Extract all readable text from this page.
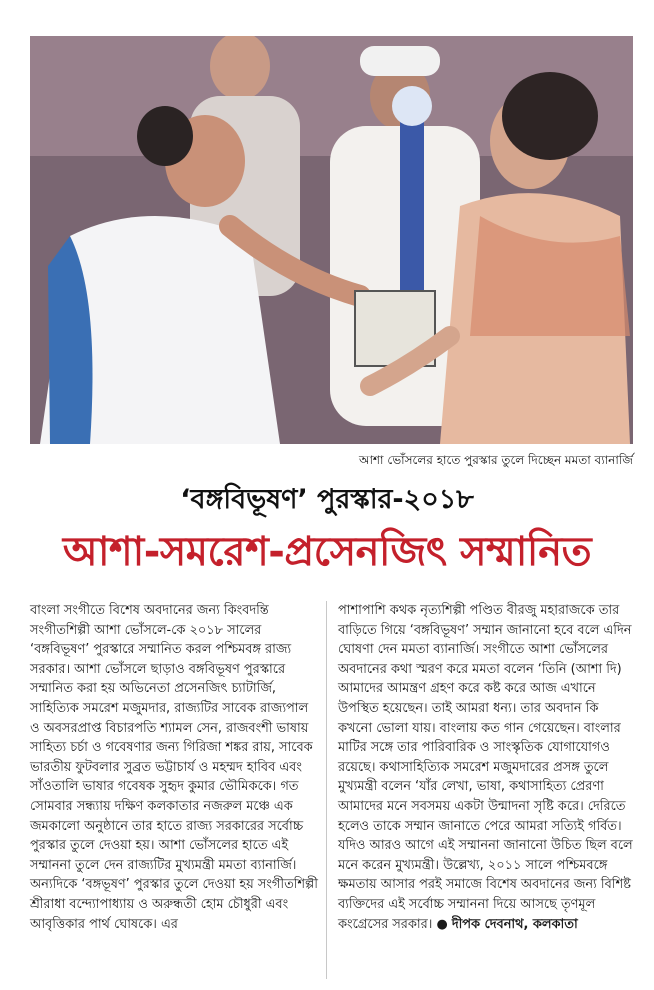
আশা ভোঁসলের হাতে পুরস্কার তুলে দিচ্ছেন মমতা ব্যানার্জি
‘বঙ্গবিভূষণ’ পুরস্কার-২০১৮
আশা-সমরেশ-প্রসেনজিৎ সম্মানিত

বাংলা সংগীতে বিশেষ অবদানের জন্য কিংবদন্তি সংগীতশিল্পী আশা ভোঁসলে-কে ২০১৮ সালের ‘বঙ্গবিভূষণ’ পুরস্কারে সম্মানিত করল পশ্চিমবঙ্গ রাজ্য সরকার। আশা ভোঁসলে ছাড়াও বঙ্গবিভূষণ পুরস্কারে সম্মানিত করা হয় অভিনেতা প্রসেনজিৎ চ্যাটার্জি, সাহিত্যিক সমরেশ মজুমদার, রাজ্যটির সাবেক রাজ্যপাল ও অবসরপ্রাপ্ত বিচারপতি শ্যামল সেন, রাজবংশী ভাষায় সাহিত্য চর্চা ও গবেষণার জন্য গিরিজা শঙ্কর রায়, সাবেক ভারতীয় ফুটবলার সুব্রত ভট্টাচার্য ও মহম্মদ হাবিব এবং সাঁওতালি ভাষার গবেষক সুহৃদ কুমার ভৌমিককে। গত সোমবার সন্ধ্যায় দক্ষিণ কলকাতার নজরুল মঞ্চে এক জমকালো অনুষ্ঠানে তার হাতে রাজ্য সরকারের সর্বোচ্চ পুরস্কার তুলে দেওয়া হয়। আশা ভোঁসলের হাতে এই সম্মাননা তুলে দেন রাজ্যটির মুখ্যমন্ত্রী মমতা ব্যানার্জি।

অন্যদিকে ‘বঙ্গভূষণ’ পুরস্কার তুলে দেওয়া হয় সংগীতশিল্পী শ্রীরাধা বন্দ্যোপাধ্যায় ও অরুন্ধতী হোম চৌধুরী এবং আবৃত্তিকার পার্থ ঘোষকে। এর

পাশাপাশি কথক নৃত্যশিল্পী পণ্ডিত বীরজু মহারাজকে তার বাড়িতে গিয়ে ‘বঙ্গবিভূষণ’ সম্মান জানানো হবে বলে এদিন ঘোষণা দেন মমতা ব্যানার্জি। সংগীতে আশা ভোঁসলের অবদানের কথা স্মরণ করে মমতা বলেন ‘তিনি (আশা দি) আমাদের আমন্ত্রণ গ্রহণ করে কষ্ট করে আজ এখানে উপস্থিত হয়েছেন। তাই আমরা ধন্য। তার অবদান কি কখনো ভোলা যায়। বাংলায় কত গান গেয়েছেন। বাংলার মাটির সঙ্গে তার পারিবারিক ও সাংস্কৃতিক যোগাযোগও রয়েছে। কথাসাহিত্যিক সমরেশ মজুমদারের প্রসঙ্গ তুলে মুখ্যমন্ত্রী বলেন ‘যাঁর লেখা, ভাষা, কথাসাহিত্য প্রেরণা আমাদের মনে সবসময় একটা উন্মাদনা সৃষ্টি করে। দেরিতে হলেও তাকে সম্মান জানাতে পেরে আমরা সত্যিই গর্বিত। যদিও আরও আগে এই সম্মাননা জানানো উচিত ছিল বলে মনে করেন মুখ্যমন্ত্রী। উল্লেখ্য, ২০১১ সালে পশ্চিমবঙ্গে ক্ষমতায় আসার পরই সমাজে বিশেষ অবদানের জন্য বিশিষ্ট ব্যক্তিদের এই সর্বোচ্চ সম্মাননা দিয়ে আসছে তৃণমূল কংগ্রেসের সরকার। ● দীপক দেবনাথ, কলকাতা
